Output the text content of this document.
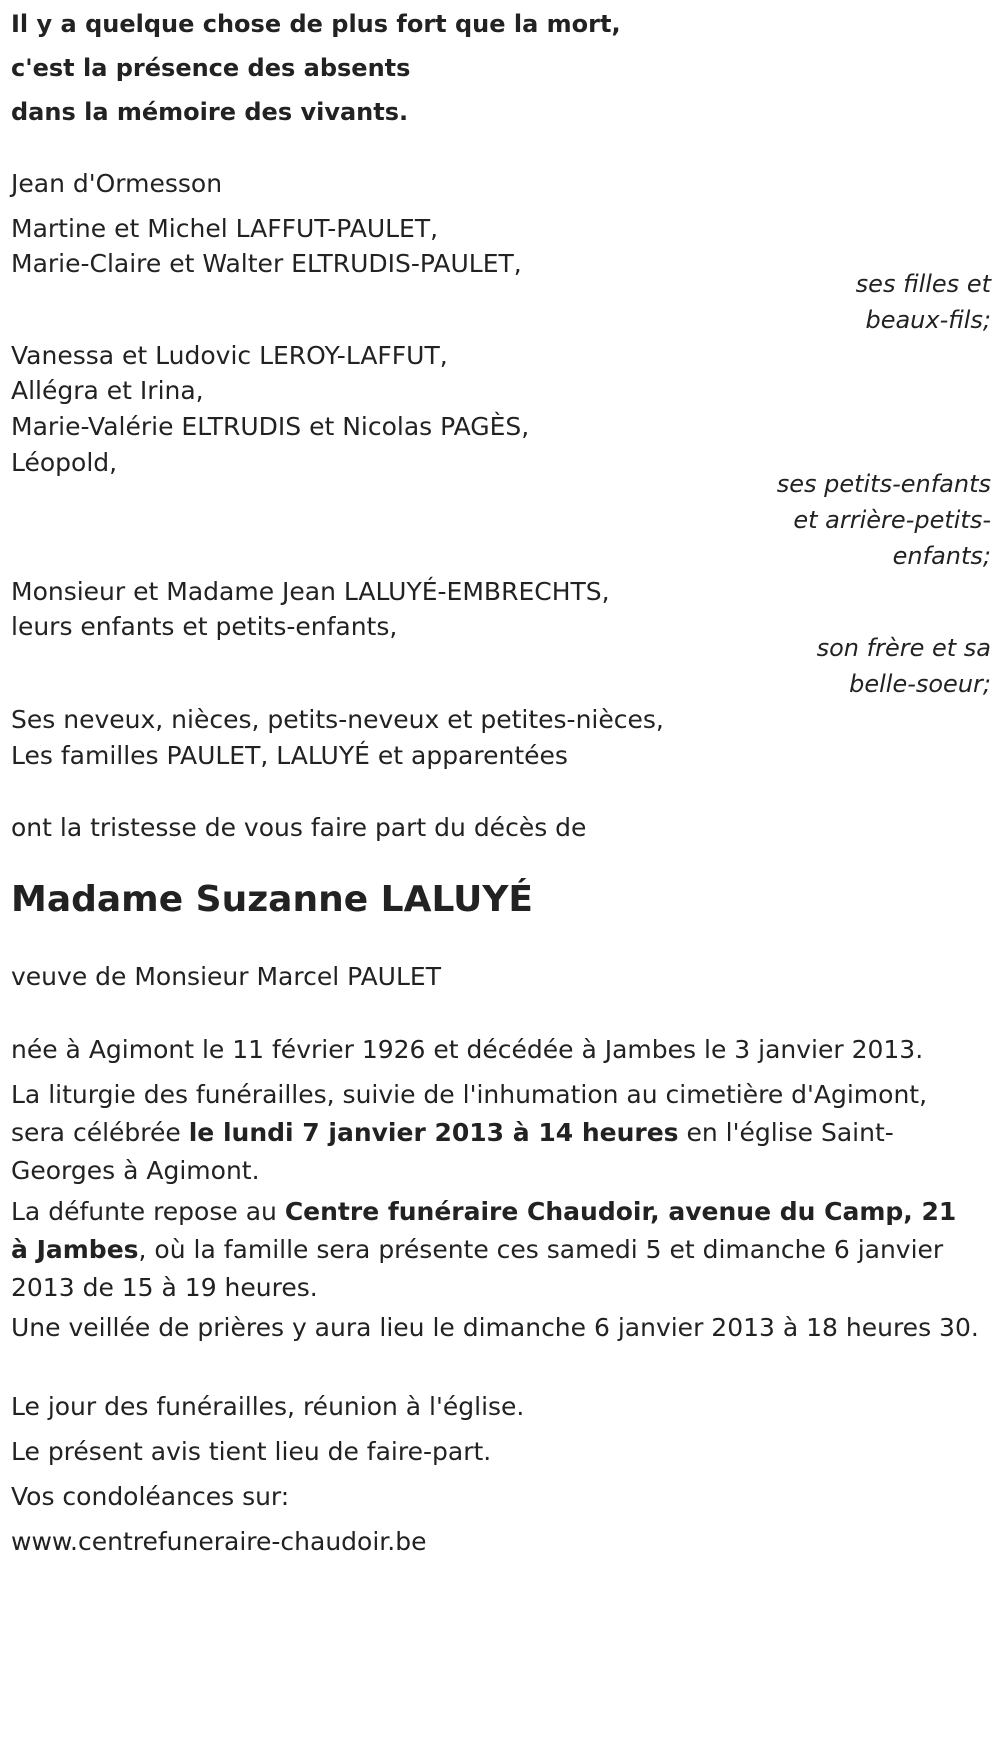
Il y a quelque chose de plus fort que la mort,
c'est la présence des absents
dans la mémoire des vivants.
Jean d'Ormesson
Martine et Michel LAFFUT-PAULET,
Marie-Claire et Walter ELTRUDIS-PAULET,
ses filles et
beaux-fils;
Vanessa et Ludovic LEROY-LAFFUT,
Allégra et Irina,
Marie-Valérie ELTRUDIS et Nicolas PAGÈS,
Léopold,
ses petits-enfants
et arrière-petits-
enfants;
Monsieur et Madame Jean LALUYÉ-EMBRECHTS,
leurs enfants et petits-enfants,
son frère et sa
belle-soeur;
Ses neveux, nièces, petits-neveux et petites-nièces,
Les familles PAULET, LALUYÉ et apparentées
ont la tristesse de vous faire part du décès de
Madame Suzanne LALUYÉ
veuve de Monsieur Marcel PAULET
née à Agimont le 11 février 1926 et décédée à Jambes le 3 janvier 2013.
La liturgie des funérailles, suivie de l'inhumation au cimetière d'Agimont, sera célébrée le lundi 7 janvier 2013 à 14 heures en l'église Saint-Georges à Agimont.
La défunte repose au Centre funéraire Chaudoir, avenue du Camp, 21 à Jambes, où la famille sera présente ces samedi 5 et dimanche 6 janvier 2013 de 15 à 19 heures.
Une veillée de prières y aura lieu le dimanche 6 janvier 2013 à 18 heures 30.
Le jour des funérailles, réunion à l'église.
Le présent avis tient lieu de faire-part.
Vos condoléances sur:
www.centrefuneraire-chaudoir.be
